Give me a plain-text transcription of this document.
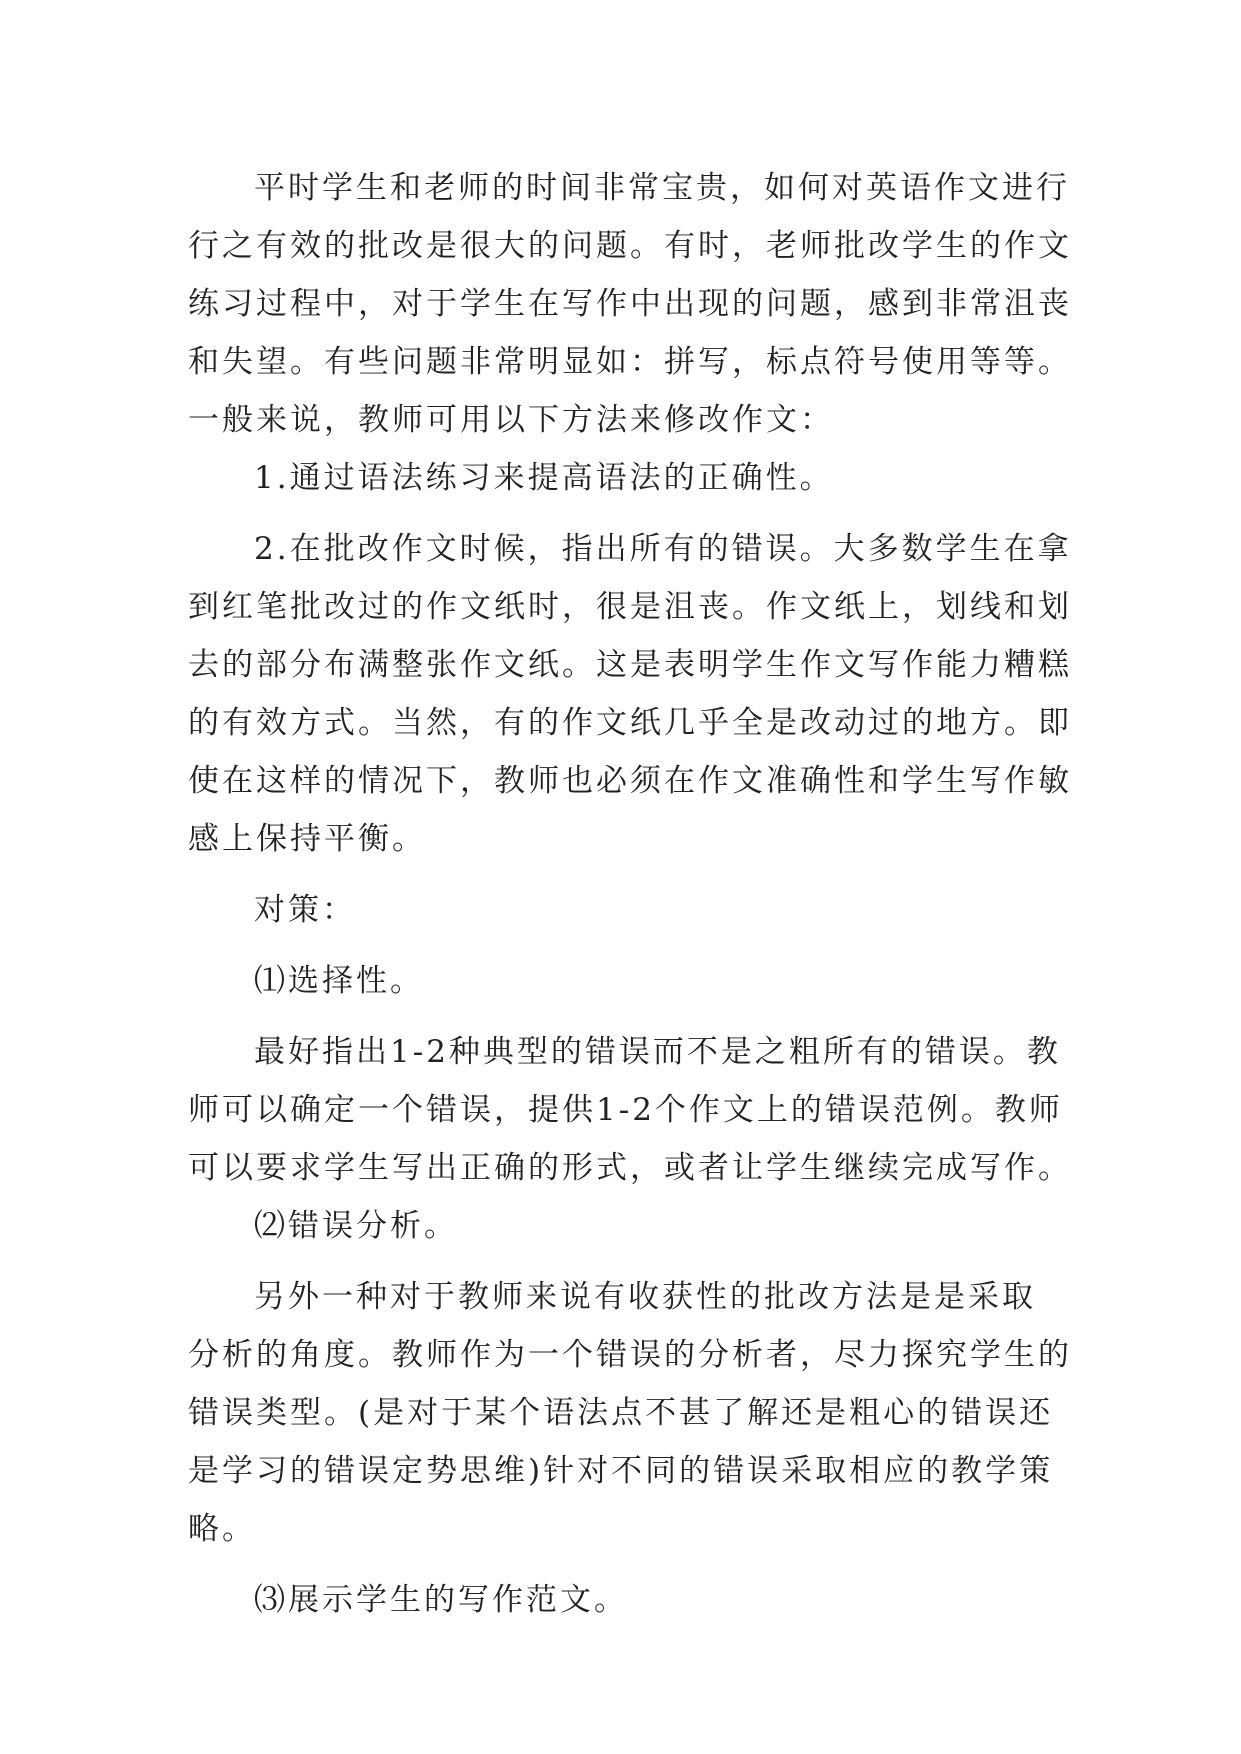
平时学生和老师的时间非常宝贵，如何对英语作文进行
行之有效的批改是很大的问题。有时，老师批改学生的作文
练习过程中，对于学生在写作中出现的问题，感到非常沮丧
和失望。有些问题非常明显如：拼写，标点符号使用等等。
一般来说，教师可用以下方法来修改作文：
1.通过语法练习来提高语法的正确性。
2.在批改作文时候，指出所有的错误。大多数学生在拿
到红笔批改过的作文纸时，很是沮丧。作文纸上，划线和划
去的部分布满整张作文纸。这是表明学生作文写作能力糟糕
的有效方式。当然，有的作文纸几乎全是改动过的地方。即
使在这样的情况下，教师也必须在作文准确性和学生写作敏
感上保持平衡。
对策：
⑴选择性。
最好指出1-2种典型的错误而不是之粗所有的错误。教
师可以确定一个错误，提供1-2个作文上的错误范例。教师
可以要求学生写出正确的形式，或者让学生继续完成写作。
⑵错误分析。
另外一种对于教师来说有收获性的批改方法是是采取
分析的角度。教师作为一个错误的分析者，尽力探究学生的
错误类型。(是对于某个语法点不甚了解还是粗心的错误还
是学习的错误定势思维)针对不同的错误采取相应的教学策
略。
⑶展示学生的写作范文。
